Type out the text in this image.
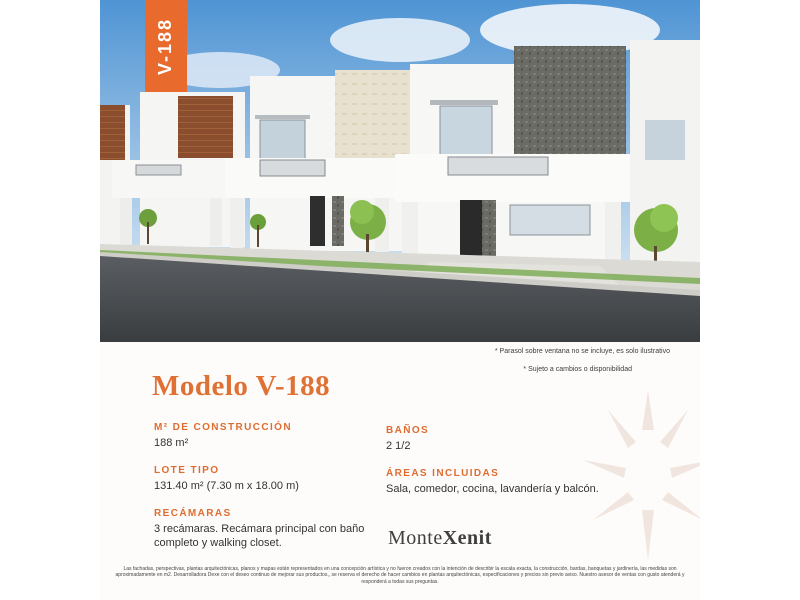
V-188
* Parasol sobre ventana no se incluye, es solo ilustrativo
* Sujeto a cambios o disponibilidad
Modelo V-188
M² DE CONSTRUCCIÓN
188 m²
LOTE TIPO
131.40 m² (7.30 m x 18.00 m)
RECÁMARAS
3 recámaras. Recámara principal con baño completo y walking closet.
BAÑOS
2 1/2
ÁREAS INCLUIDAS
Sala, comedor, cocina, lavandería y balcón.
MonteXenit
Las fachadas, perspectivas, plantas arquitectónicas, planos y mapas están representados en una concepción artística y no fueron creados con la intención de describir la escala exacta, la construcción, bardas, banquetas y jardinería, las medidas son aproximadamente en m2. Desarrolladora Dexe con el deseo continuo de mejorar sus productos,, se reserva el derecho de hacer cambios en plantas arquitectónicas, especificaciones y precios sin previo aviso. Nuestro asesor de ventas con gusto atenderá y responderá a todas sus preguntas.
